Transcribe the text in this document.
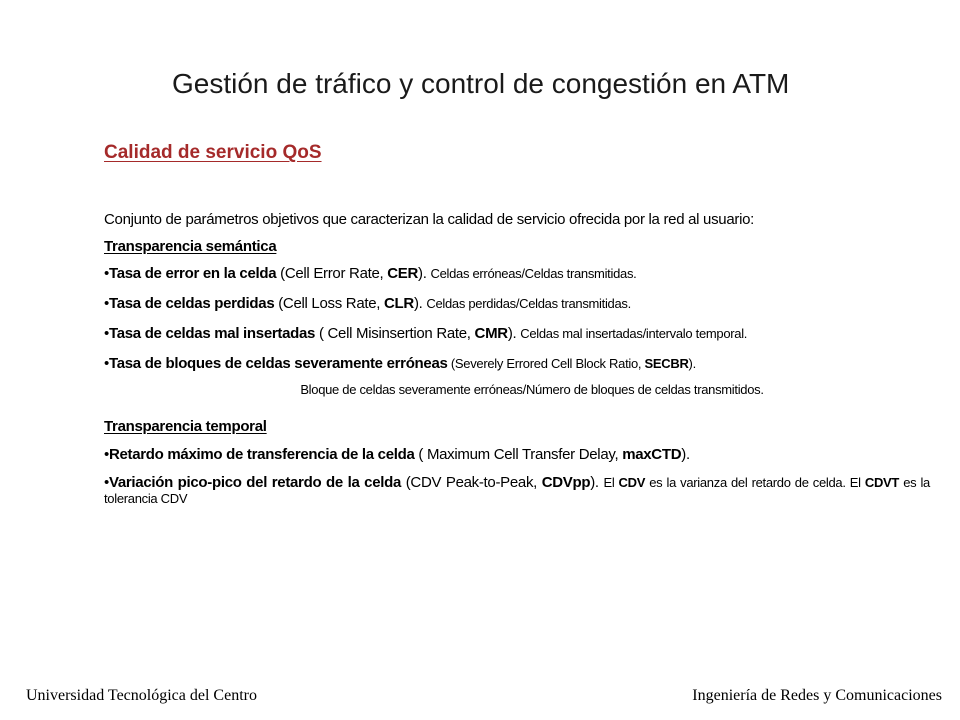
Gestión de tráfico y control de congestión en ATM
Calidad de servicio QoS

Conjunto de parámetros objetivos que caracterizan la calidad de servicio ofrecida por la red al usuario:

Transparencia semántica

•Tasa de error en la celda (Cell Error Rate, CER). Celdas erróneas/Celdas transmitidas.

•Tasa de celdas perdidas (Cell Loss Rate, CLR). Celdas perdidas/Celdas transmitidas.

•Tasa de celdas mal insertadas ( Cell Misinsertion Rate, CMR). Celdas mal insertadas/intervalo temporal.

•Tasa de bloques de celdas severamente erróneas (Severely Errored Cell Block Ratio, SECBR).

Bloque de celdas severamente erróneas/Número de bloques de celdas transmitidos.

Transparencia temporal

•Retardo máximo de transferencia de la celda ( Maximum Cell Transfer Delay, maxCTD).

•Variación pico-pico del retardo de la celda (CDV Peak-to-Peak, CDVpp). El CDV es la varianza del retardo de celda. El CDVT es la tolerancia CDV

Universidad Tecnológica del Centro	Ingeniería de Redes y Comunicaciones
